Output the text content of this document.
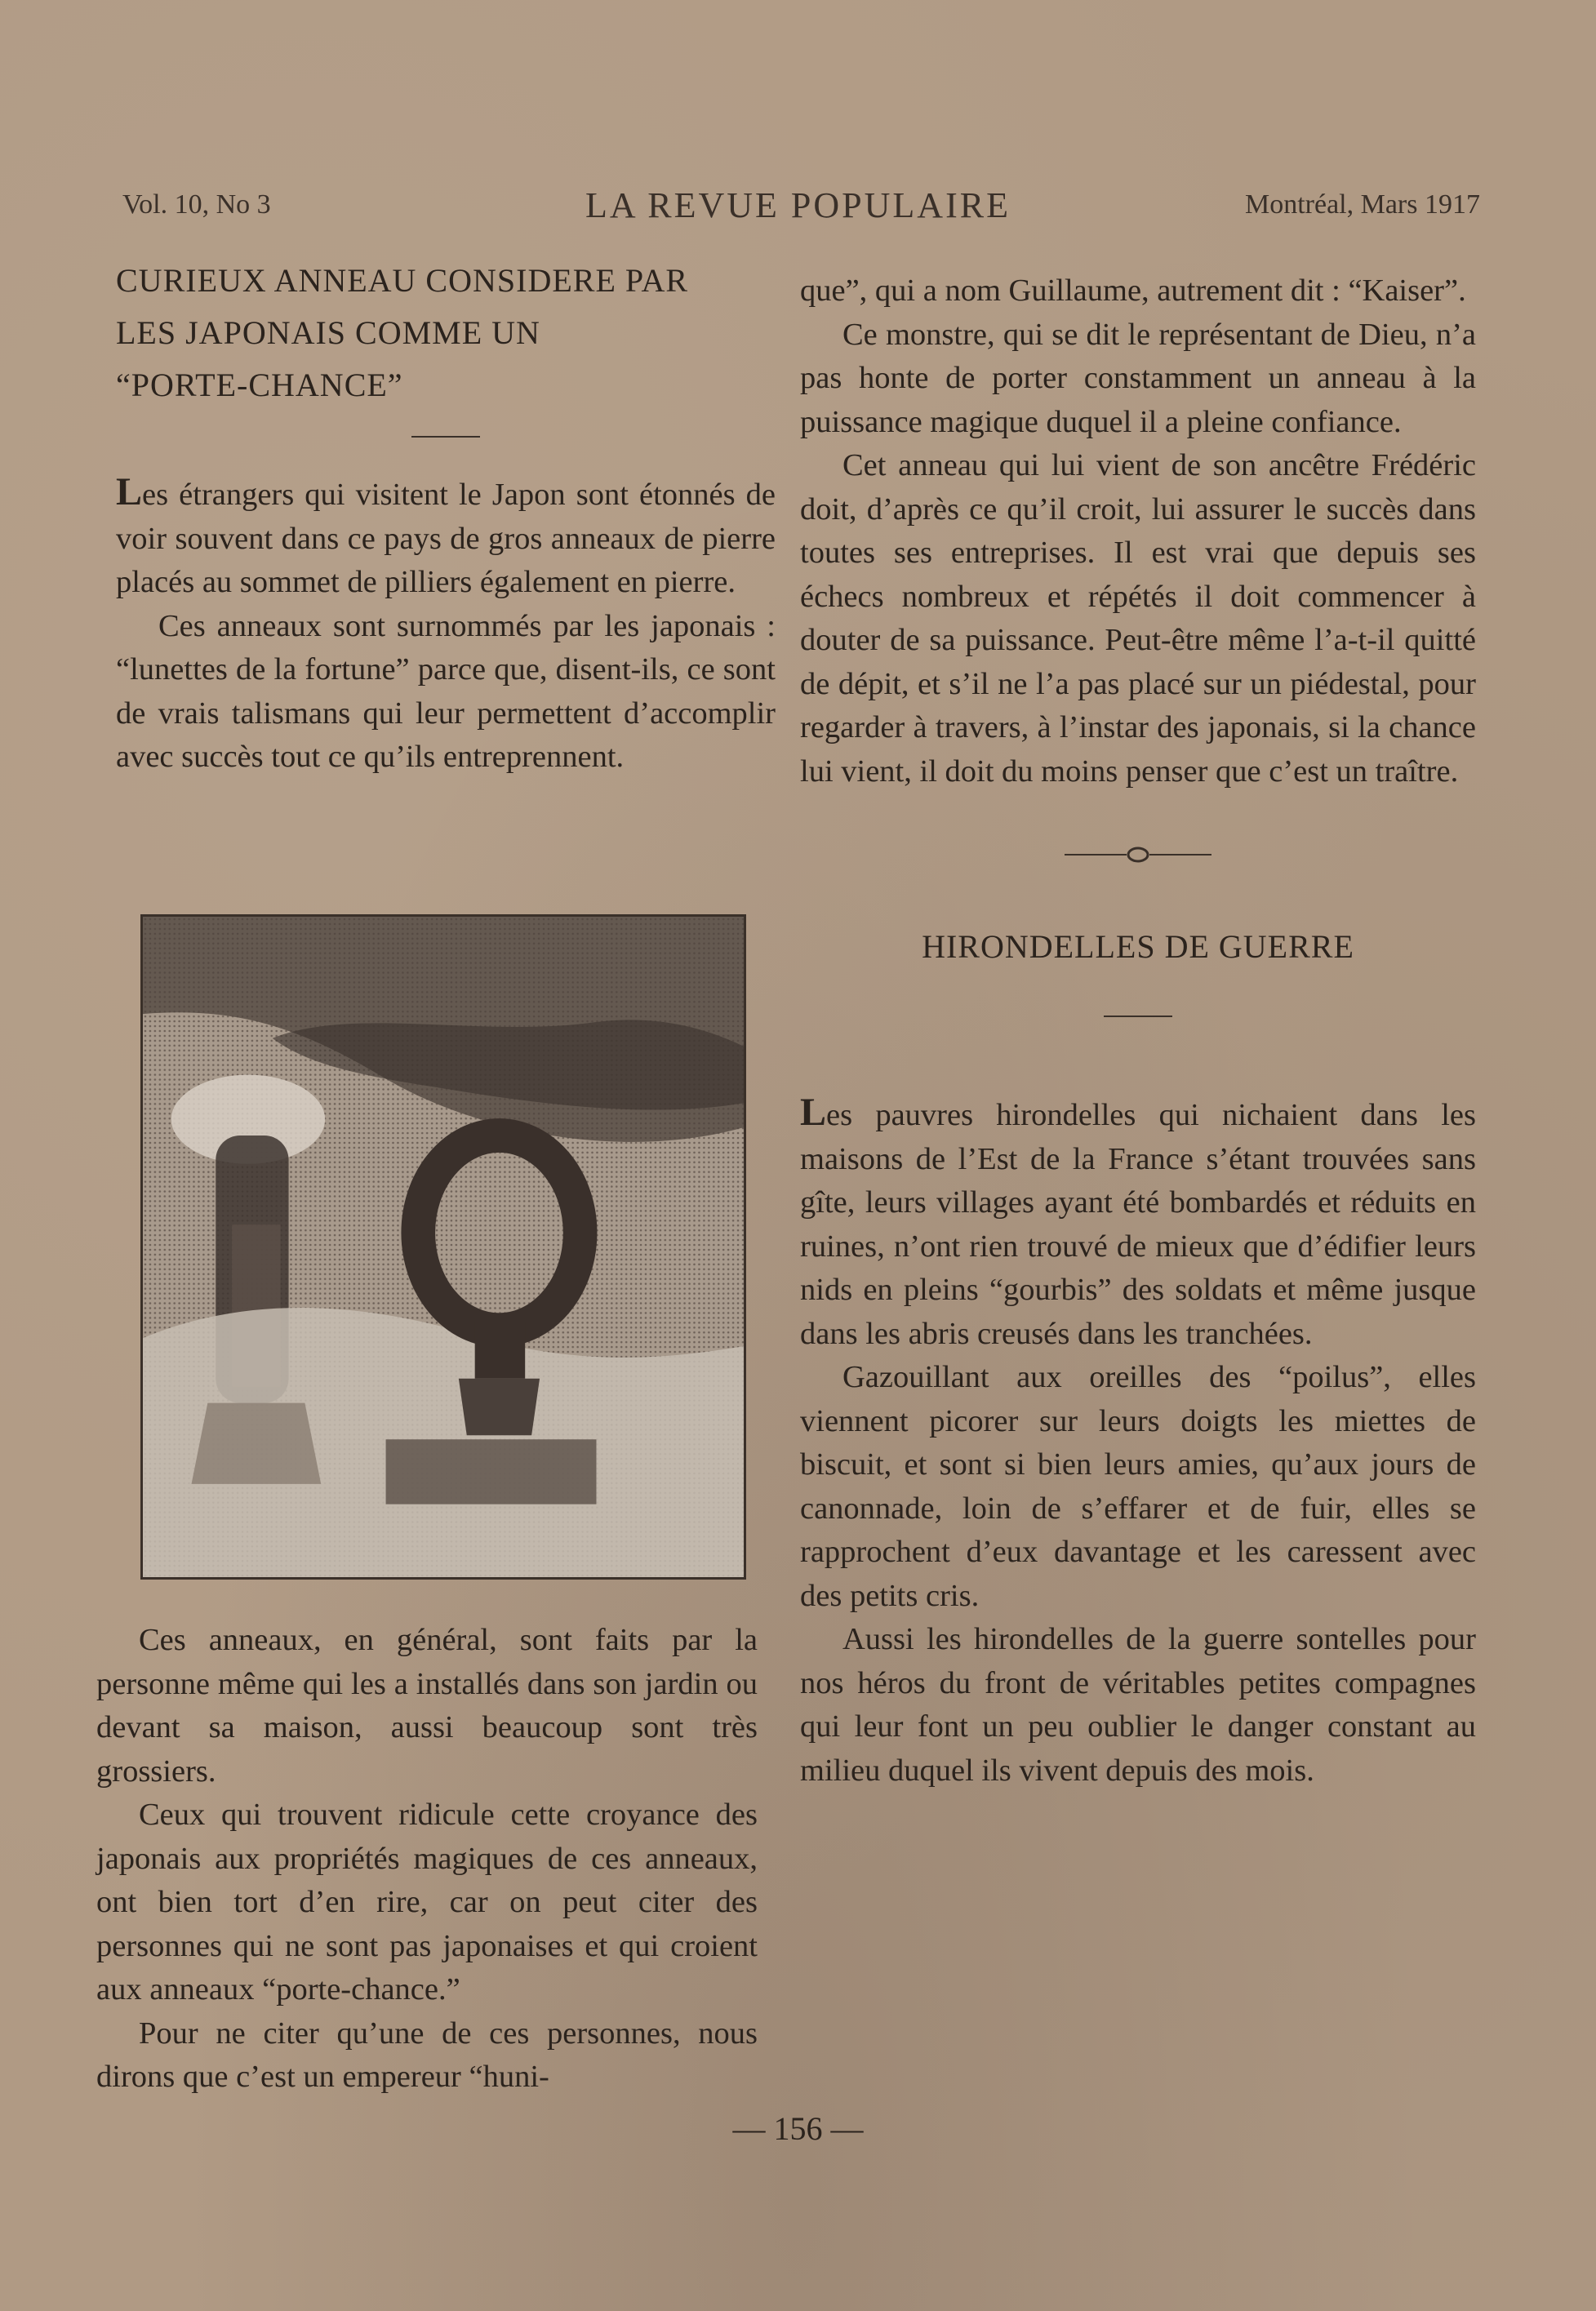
Vol. 10, No 3	LA REVUE POPULAIRE	Montréal, Mars 1917

CURIEUX ANNEAU CONSIDERE PAR

LES JAPONAIS COMME UN

“PORTE-CHANCE”

Les étrangers qui visitent le Japon sont étonnés de voir souvent dans ce pays de gros anneaux de pierre placés au sommet de pilliers également en pierre.

Ces anneaux sont surnommés par les japonais : “lunettes de la fortune” parce que, disent-ils, ce sont de vrais talismans qui leur permettent d’accomplir avec succès tout ce qu’ils entreprennent.

Ces anneaux, en général, sont faits par la personne même qui les a installés dans son jardin ou devant sa maison, aussi beaucoup sont très grossiers.

Ceux qui trouvent ridicule cette croyance des japonais aux propriétés magiques de ces anneaux, ont bien tort d’en rire, car on peut citer des personnes qui ne sont pas japonaises et qui croient aux anneaux “porte-chance.”

Pour ne citer qu’une de ces personnes, nous dirons que c’est un empereur “huni-

que”, qui a nom Guillaume, autrement dit : “Kaiser”.

Ce monstre, qui se dit le représentant de Dieu, n’a pas honte de porter constamment un anneau à la puissance magique duquel il a pleine confiance.

Cet anneau qui lui vient de son ancêtre Frédéric doit, d’après ce qu’il croit, lui assurer le succès dans toutes ses entreprises. Il est vrai que depuis ses échecs nombreux et répétés il doit commencer à douter de sa puissance. Peut-être même l’a-t-il quitté de dépit, et s’il ne l’a pas placé sur un piédestal, pour regarder à travers, à l’instar des japonais, si la chance lui vient, il doit du moins penser que c’est un traître.

HIRONDELLES DE GUERRE

Les pauvres hirondelles qui nichaient dans les maisons de l’Est de la France s’étant trouvées sans gîte, leurs villages ayant été bombardés et réduits en ruines, n’ont rien trouvé de mieux que d’édifier leurs nids en pleins “gourbis” des soldats et même jusque dans les abris creusés dans les tranchées.

Gazouillant aux oreilles des “poilus”, elles viennent picorer sur leurs doigts les miettes de biscuit, et sont si bien leurs amies, qu’aux jours de canonnade, loin de s’effarer et de fuir, elles se rapprochent d’eux davantage et les caressent avec des petits cris.

Aussi les hirondelles de la guerre sontelles pour nos héros du front de véritables petites compagnes qui leur font un peu oublier le danger constant au milieu duquel ils vivent depuis des mois.

— 156 —
